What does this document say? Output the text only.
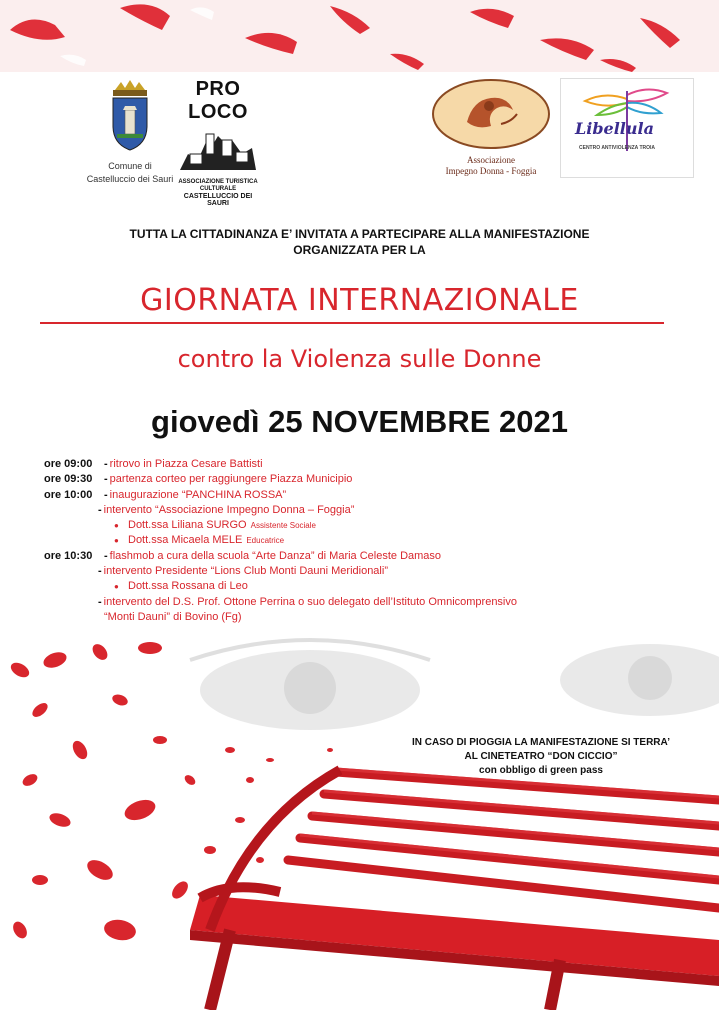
Comune di
Castelluccio dei Sauri
PRO LOCO
ASSOCIAZIONE TURISTICA CULTURALE
CASTELLUCCIO DEI SAURI
Associazione
Impegno Donna - Foggia
Libellula
CENTRO ANTIVIOLENZA TROIA
TUTTA LA CITTADINANZA E’ INVITATA A PARTECIPARE ALLA MANIFESTAZIONE
ORGANIZZATA PER LA
GIORNATA INTERNAZIONALE
contro la Violenza sulle Donne
giovedì 25 NOVEMBRE 2021
ore 09:00	- ritrovo in Piazza Cesare Battisti
ore 09:30	- partenza corteo per raggiungere Piazza Municipio
ore 10:00	- inaugurazione “PANCHINA ROSSA”
- intervento “Associazione Impegno Donna – Foggia”
● Dott.ssa Liliana SURGO Assistente Sociale
● Dott.ssa Micaela MELE Educatrice
ore 10:30	- flashmob a cura della scuola “Arte Danza” di Maria Celeste Damaso
- intervento Presidente “Lions Club Monti Dauni Meridionali”
● Dott.ssa Rossana di Leo
- intervento del D.S. Prof. Ottone Perrina o suo delegato dell’Istituto Omnicomprensivo
“Monti Dauni” di Bovino (Fg)
IN CASO DI PIOGGIA LA MANIFESTAZIONE SI TERRA’
AL CINETEATRO “DON CICCIO”
con obbligo di green pass
